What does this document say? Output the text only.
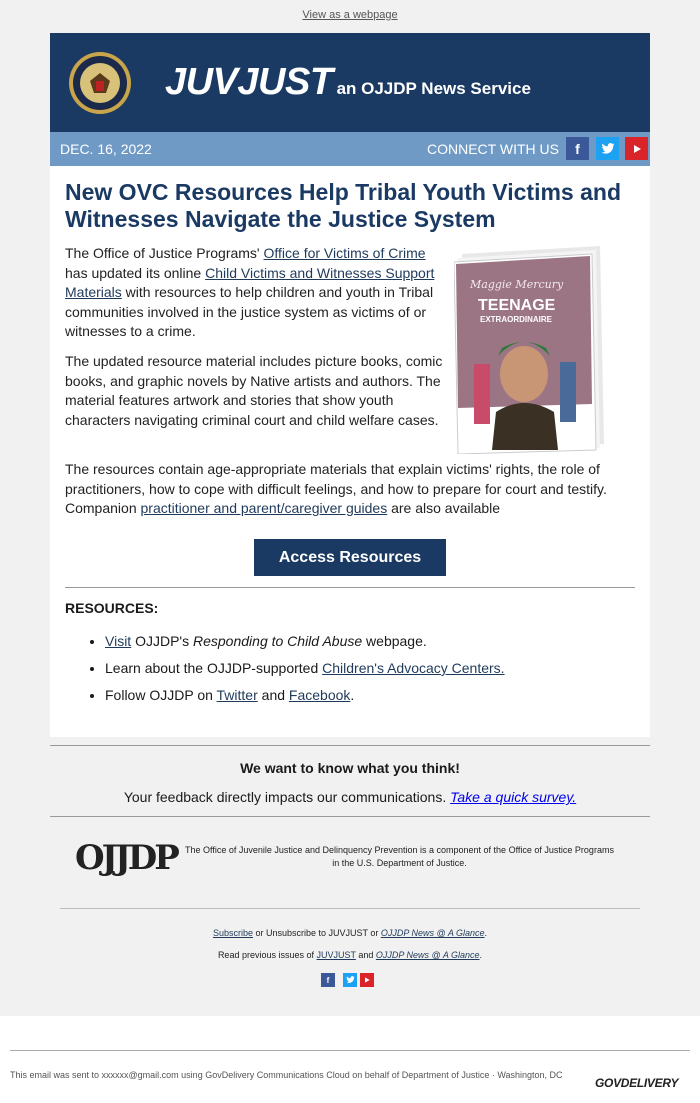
View as a webpage
JUVJUST an OJJDP News Service
DEC. 16, 2022	CONNECT WITH US	f
New OVC Resources Help Tribal Youth Victims and Witnesses Navigate the Justice System

The Office of Justice Programs' Office for Victims of Crime has updated its online Child Victims and Witnesses Support Materials with resources to help children and youth in Tribal communities involved in the justice system as victims of or witnesses to a crime.

The updated resource material includes picture books, comic books, and graphic novels by Native artists and authors. The material features artwork and stories that show youth characters navigating criminal court and child welfare cases.

Maggie Mercury
TEENAGE
EXTRAORDINAIRE

The resources contain age-appropriate materials that explain victims' rights, the role of practitioners, how to cope with difficult feelings, and how to prepare for court and testify. Companion practitioner and parent/caregiver guides are also available

Access Resources
RESOURCES:
• Visit OJJDP's Responding to Child Abuse webpage.
• Learn about the OJJDP-supported Children's Advocacy Centers.
• Follow OJJDP on Twitter and Facebook.
We want to know what you think!
Your feedback directly impacts our communications. Take a quick survey.
OJJDP The Office of Juvenile Justice and Delinquency Prevention is a component of the Office of Justice Programs in the U.S. Department of Justice.
Subscribe or Unsubscribe to JUVJUST or OJJDP News @ A Glance.
Read previous issues of JUVJUST and OJJDP News @ A Glance.
f
This email was sent to xxxxxx@gmail.com using GovDelivery Communications Cloud on behalf of Department of Justice · Washington, DC
GOVDELIVERY
